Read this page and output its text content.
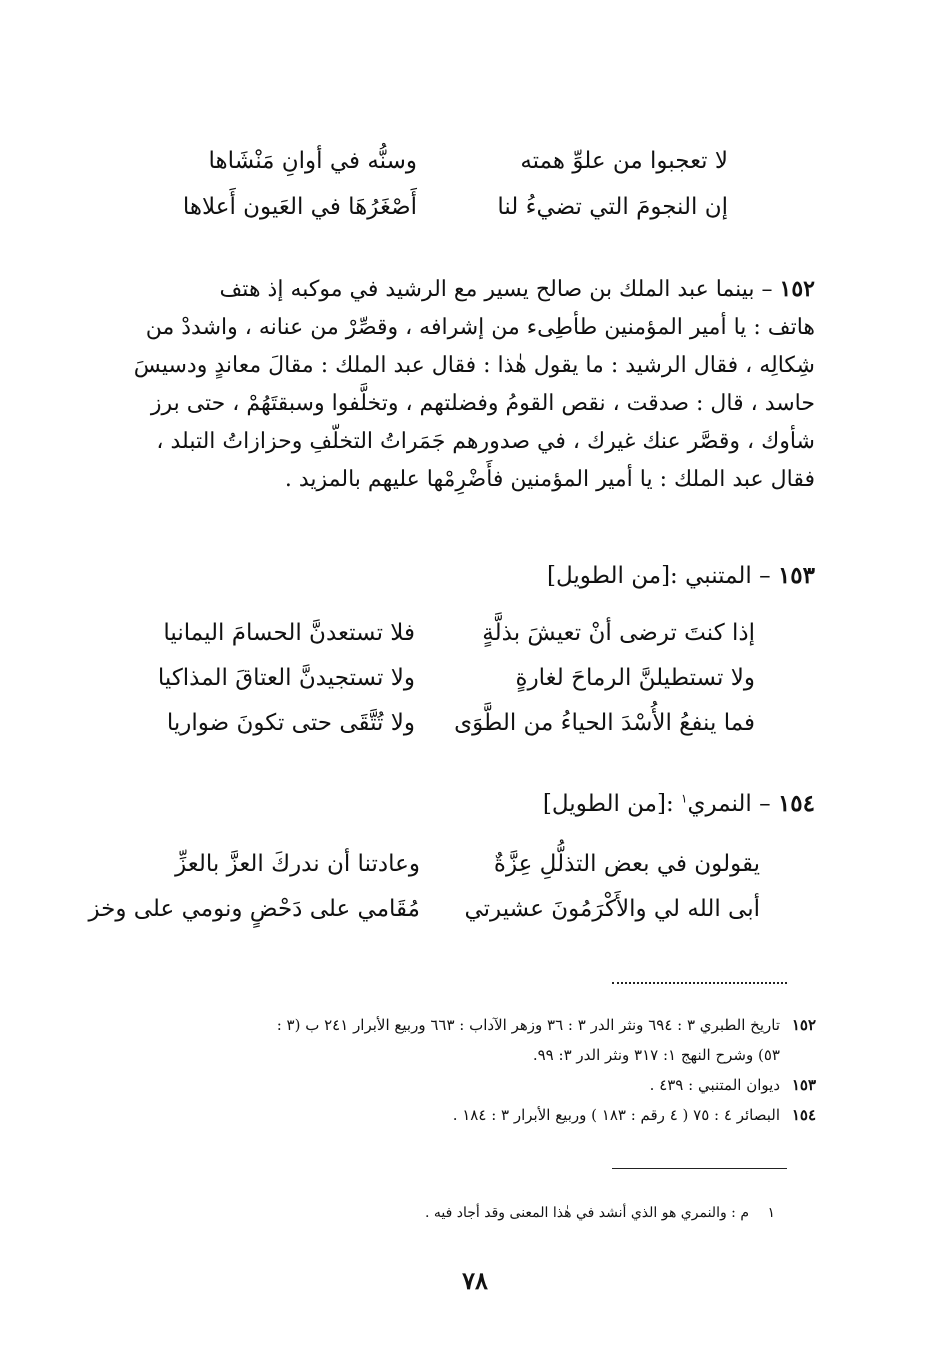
لا تعجبوا من علوِّ همته
وسنُّه في أوانِ مَنْشَاها
إن النجومَ التي تضيءُ لنا
أَصْغَرُهَا في العَيون أَعلاها
١٥٢ – بينما عبد الملك بن صالح يسير مع الرشيد في موكبه إذ هتف
هاتف : يا أمير المؤمنين طأطِىء من إشرافه ، وقصِّرْ من عنانه ، واشددْ من
شِكالِه ، فقال الرشيد : ما يقول هٰذا : فقال عبد الملك : مقالَ معاندٍ ودسيسَ
حاسد ، قال : صدقت ، نقص القومُ وفضلتهم ، وتخلَّفوا وسبقتَهُمْ ، حتى برز
شأوك ، وقصَّر عنك غيرك ، في صدورهم جَمَراتُ التخلّفِ وحزازاتُ التبلد ،
فقال عبد الملك : يا أمير المؤمنين فأَضْرِمْها عليهم بالمزيد .
١٥٣ – المتنبي :[من الطويل]
إذا كنتَ ترضى أنْ تعيشَ بذلَّةٍ
فلا تستعدنَّ الحسامَ اليمانيا
ولا تستطيلنَّ الرماحَ لغارةٍ
ولا تستجيدنَّ العتاقَ المذاكيا
فما ينفعُ الأُسْدَ الحياءُ من الطَّوَى
ولا تُتَّقَى حتى تكونَ ضواريا
١٥٤ – النمري$^١$ :[من الطويل]
يقولون في بعض التذلُّلِ عِزَّةٌ
وعادتنا أن ندركَ العزَّ بالعزِّ
أبى الله لي والأَكْرَمُونَ عشيرتي
مُقَامي على دَحْضٍ ونومي على وخز
١٥٢
تاريخ الطبري ٣ : ٦٩٤ ونثر الدر ٣ : ٣٦ وزهر الآداب : ٦٦٣ وربيع الأبرار ٢٤١ ب (٣ :
٥٣) وشرح النهج ١: ٣١٧ ونثر الدر ٣: ٩٩.
١٥٣
ديوان المتنبي : ٤٣٩ .
١٥٤
البصائر ٤ : ٧٥ ( ٤ رقم : ١٨٣ ) وربيع الأبرار ٣ : ١٨٤ .
١ م : والنمري هو الذي أنشد في هٰذا المعنى وقد أجاد فيه .
٧٨
